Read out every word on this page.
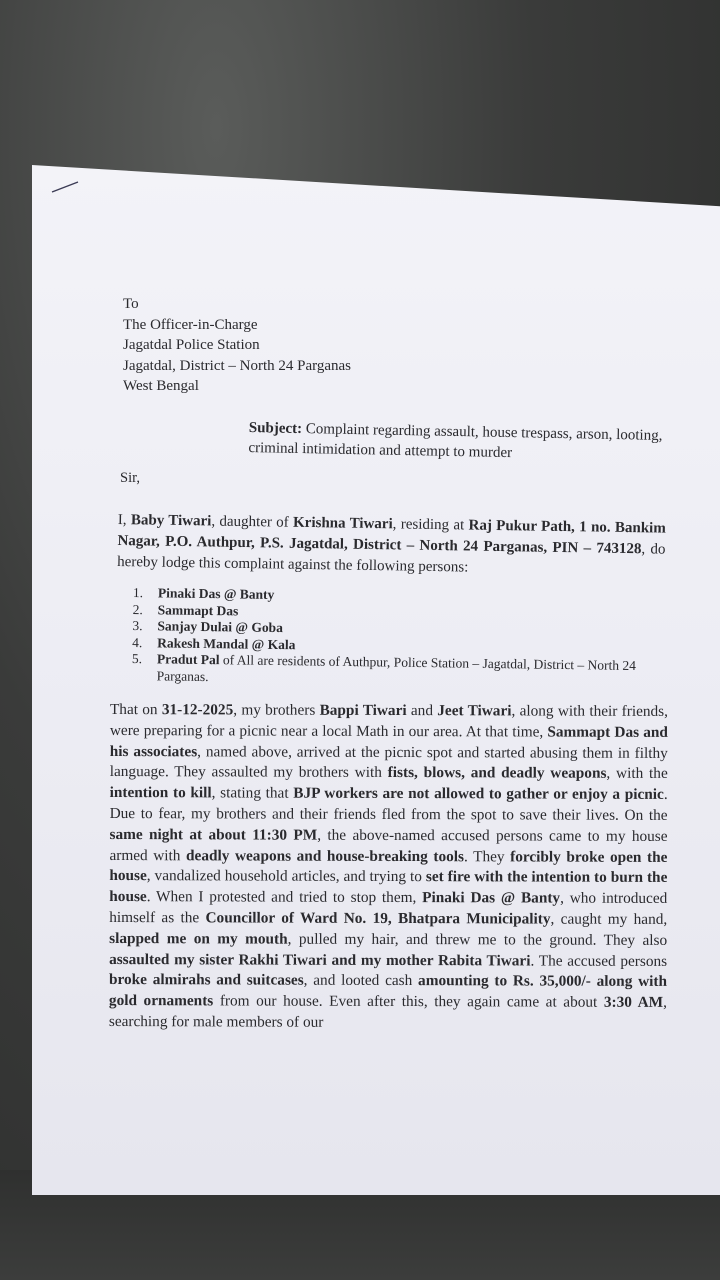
To
The Officer-in-Charge
Jagatdal Police Station
Jagatdal, District – North 24 Parganas
West Bengal
Subject: Complaint regarding assault, house trespass, arson, looting, criminal intimidation and attempt to murder
Sir,
I, Baby Tiwari, daughter of Krishna Tiwari, residing at Raj Pukur Path, 1 no. Bankim Nagar, P.O. Authpur, P.S. Jagatdal, District – North 24 Parganas, PIN – 743128, do hereby lodge this complaint against the following persons:
1.	Pinaki Das @ Banty
2.	Sammapt Das
3.	Sanjay Dulai @ Goba
4.	Rakesh Mandal @ Kala
5.	Pradut Pal of All are residents of Authpur, Police Station – Jagatdal, District – North 24 Parganas.
That on 31-12-2025, my brothers Bappi Tiwari and Jeet Tiwari, along with their friends, were preparing for a picnic near a local Math in our area. At that time, Sammapt Das and his associates, named above, arrived at the picnic spot and started abusing them in filthy language. They assaulted my brothers with fists, blows, and deadly weapons, with the intention to kill, stating that BJP workers are not allowed to gather or enjoy a picnic. Due to fear, my brothers and their friends fled from the spot to save their lives. On the same night at about 11:30 PM, the above-named accused persons came to my house armed with deadly weapons and house-breaking tools. They forcibly broke open the house, vandalized household articles, and trying to set fire with the intention to burn the house. When I protested and tried to stop them, Pinaki Das @ Banty, who introduced himself as the Councillor of Ward No. 19, Bhatpara Municipality, caught my hand, slapped me on my mouth, pulled my hair, and threw me to the ground. They also assaulted my sister Rakhi Tiwari and my mother Rabita Tiwari. The accused persons broke almirahs and suitcases, and looted cash amounting to Rs. 35,000/- along with gold ornaments from our house. Even after this, they again came at about 3:30 AM, searching for male members of our
